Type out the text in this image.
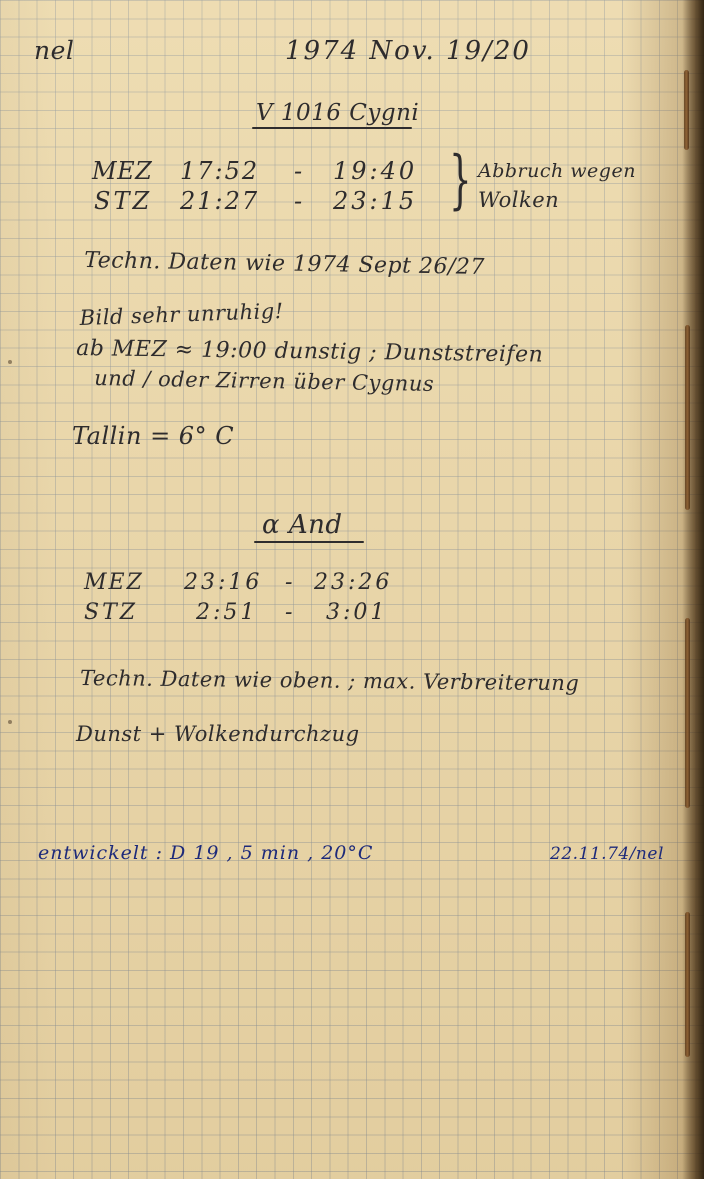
nel	1974 Nov. 19/20
V 1016 Cygni
MEZ 17:52 - 19:40
STZ 21:27 - 23:15 } Abbruch wegen
Wolken
Techn. Daten wie 1974 Sept 26/27
Bild sehr unruhig!
ab MEZ ≈ 19:00 dunstig ; Dunststreifen
und / oder Zirren über Cygnus
Tallin = 6° C
α And
MEZ 23:16 - 23:26
STZ	2:51 - 3:01
Techn. Daten wie oben. ; max. Verbreiterung
Dunst + Wolkendurchzug
entwickelt : D 19 , 5 min , 20°C	22.11.74/nel
